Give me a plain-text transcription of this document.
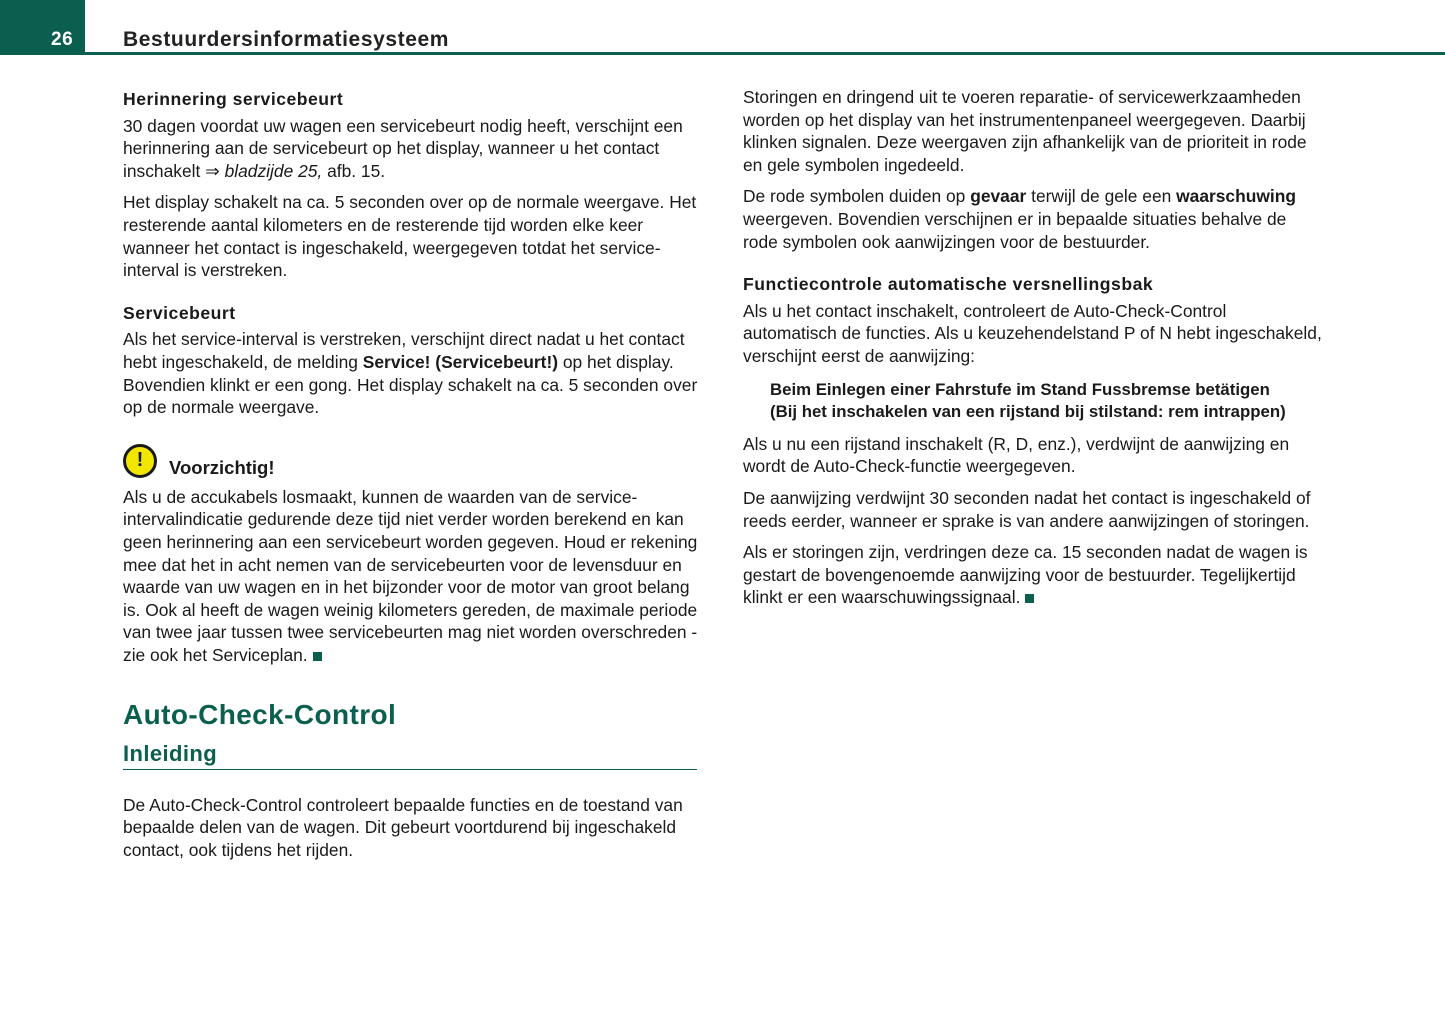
26	Bestuurdersinformatiesysteem
Herinnering servicebeurt

30 dagen voordat uw wagen een servicebeurt nodig heeft, verschijnt een herinnering aan de servicebeurt op het display, wanneer u het contact inschakelt ⇒ bladzijde 25, afb. 15.

Het display schakelt na ca. 5 seconden over op de normale weergave. Het resterende aantal kilometers en de resterende tijd worden elke keer wanneer het contact is ingeschakeld, weergegeven totdat het service-interval is verstreken.

Servicebeurt

Als het service-interval is verstreken, verschijnt direct nadat u het contact hebt ingeschakeld, de melding Service! (Servicebeurt!) op het display. Bovendien klinkt er een gong. Het display schakelt na ca. 5 seconden over op de normale weergave.

!	Voorzichtig!

Als u de accukabels losmaakt, kunnen de waarden van de service-intervalindicatie gedurende deze tijd niet verder worden berekend en kan geen herinnering aan een servicebeurt worden gegeven. Houd er rekening mee dat het in acht nemen van de servicebeurten voor de levensduur en waarde van uw wagen en in het bijzonder voor de motor van groot belang is. Ook al heeft de wagen weinig kilometers gereden, de maximale periode van twee jaar tussen twee servicebeurten mag niet worden overschreden - zie ook het Serviceplan.

Auto-Check-Control
Inleiding

De Auto-Check-Control controleert bepaalde functies en de toestand van bepaalde delen van de wagen. Dit gebeurt voortdurend bij ingeschakeld contact, ook tijdens het rijden.

Storingen en dringend uit te voeren reparatie- of servicewerkzaamheden worden op het display van het instrumentenpaneel weergegeven. Daarbij klinken signalen. Deze weergaven zijn afhankelijk van de prioriteit in rode en gele symbolen ingedeeld.

De rode symbolen duiden op gevaar terwijl de gele een waarschuwing weergeven. Bovendien verschijnen er in bepaalde situaties behalve de rode symbolen ook aanwijzingen voor de bestuurder.

Functiecontrole automatische versnellingsbak

Als u het contact inschakelt, controleert de Auto-Check-Control automatisch de functies. Als u keuzehendelstand P of N hebt ingeschakeld, verschijnt eerst de aanwijzing:

Beim Einlegen einer Fahrstufe im Stand Fussbremse betätigen
(Bij het inschakelen van een rijstand bij stilstand: rem intrappen)

Als u nu een rijstand inschakelt (R, D, enz.), verdwijnt de aanwijzing en wordt de Auto-Check-functie weergegeven.

De aanwijzing verdwijnt 30 seconden nadat het contact is ingeschakeld of reeds eerder, wanneer er sprake is van andere aanwijzingen of storingen.

Als er storingen zijn, verdringen deze ca. 15 seconden nadat de wagen is gestart de bovengenoemde aanwijzing voor de bestuurder. Tegelijkertijd klinkt er een waarschuwingssignaal.
